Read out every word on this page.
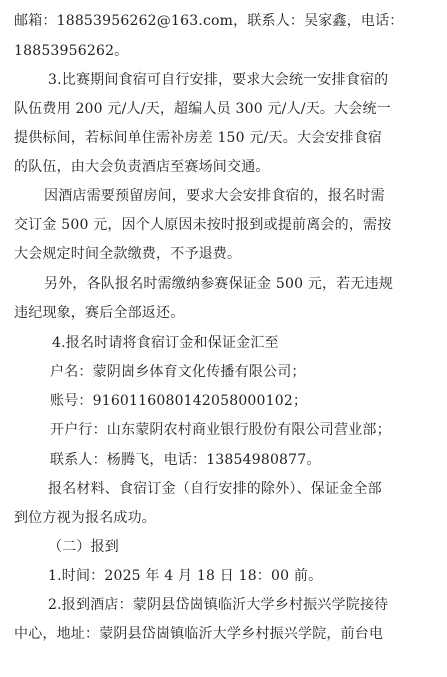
邮箱：18853956262@163.com，联系人：吴家鑫，电话：
18853956262。
3.比赛期间食宿可自行安排，要求大会统一安排食宿的
队伍费用 200 元/人/天，超编人员 300 元/人/天。大会统一
提供标间，若标间单住需补房差 150 元/天。大会安排食宿
的队伍，由大会负责酒店至赛场间交通。
因酒店需要预留房间，要求大会安排食宿的，报名时需
交订金 500 元，因个人原因未按时报到或提前离会的，需按
大会规定时间全款缴费，不予退费。
另外，各队报名时需缴纳参赛保证金 500 元，若无违规
违纪现象，赛后全部返还。
4.报名时请将食宿订金和保证金汇至
户名：蒙阴崮乡体育文化传播有限公司；
账号：916011608014205800010​2；
开户行：山东蒙阴农村商业银行股份有限公司营业部；
联系人：杨腾飞，电话：13854980877。
报名材料、食宿订金（自行安排的除外）、保证金全部
到位方视为报名成功。
（二）报到
1.时间：2025 年 4 月 18 日 18：00 前。
2.报到酒店：蒙阴县岱崮镇临沂大学乡村振兴学院接待
中心，地址：蒙阴县岱崮镇临沂大学乡村振兴学院，前台电
